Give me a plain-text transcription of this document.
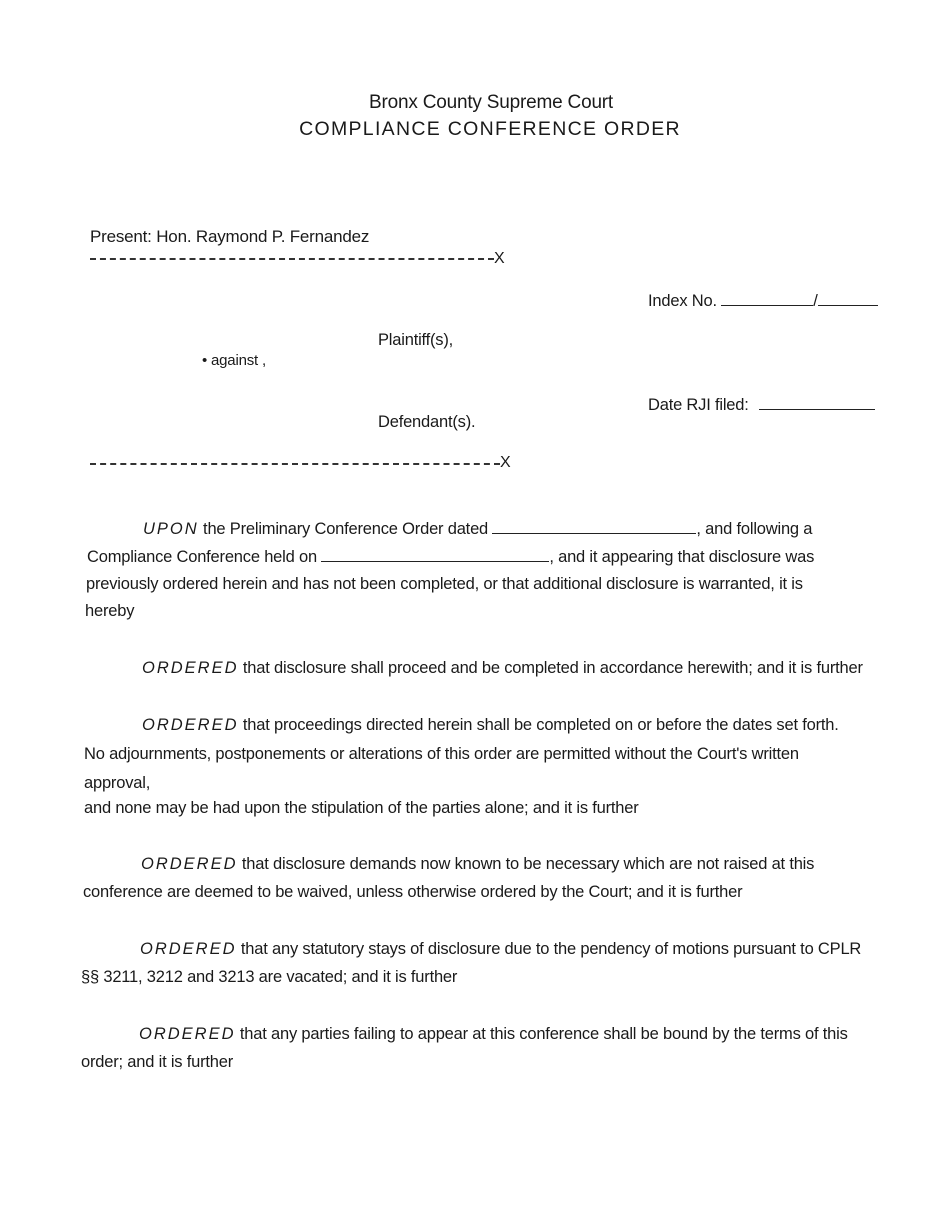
Bronx County Supreme Court
COMPLIANCE CONFERENCE ORDER
Present: Hon. Raymond P. Fernandez
X
Index No.	/
Plaintiff(s),
• against ,
Date RJI filed:
Defendant(s).
X
UPON the Preliminary Conference Order dated	, and following a
Compliance Conference held on	, and it appearing that disclosure was
previously ordered herein and has not been completed, or that additional disclosure is warranted, it is
hereby
ORDERED that disclosure shall proceed and be completed in accordance herewith; and it is further
ORDERED that proceedings directed herein shall be completed on or before the dates set forth.
No adjournments, postponements or alterations of this order are permitted without the Court's written
approval,
and none may be had upon the stipulation of the parties alone; and it is further
ORDERED that disclosure demands now known to be necessary which are not raised at this
conference are deemed to be waived, unless otherwise ordered by the Court; and it is further
ORDERED that any statutory stays of disclosure due to the pendency of motions pursuant to CPLR
§§ 3211, 3212 and 3213 are vacated; and it is further
ORDERED that any parties failing to appear at this conference shall be bound by the terms of this
order; and it is further
